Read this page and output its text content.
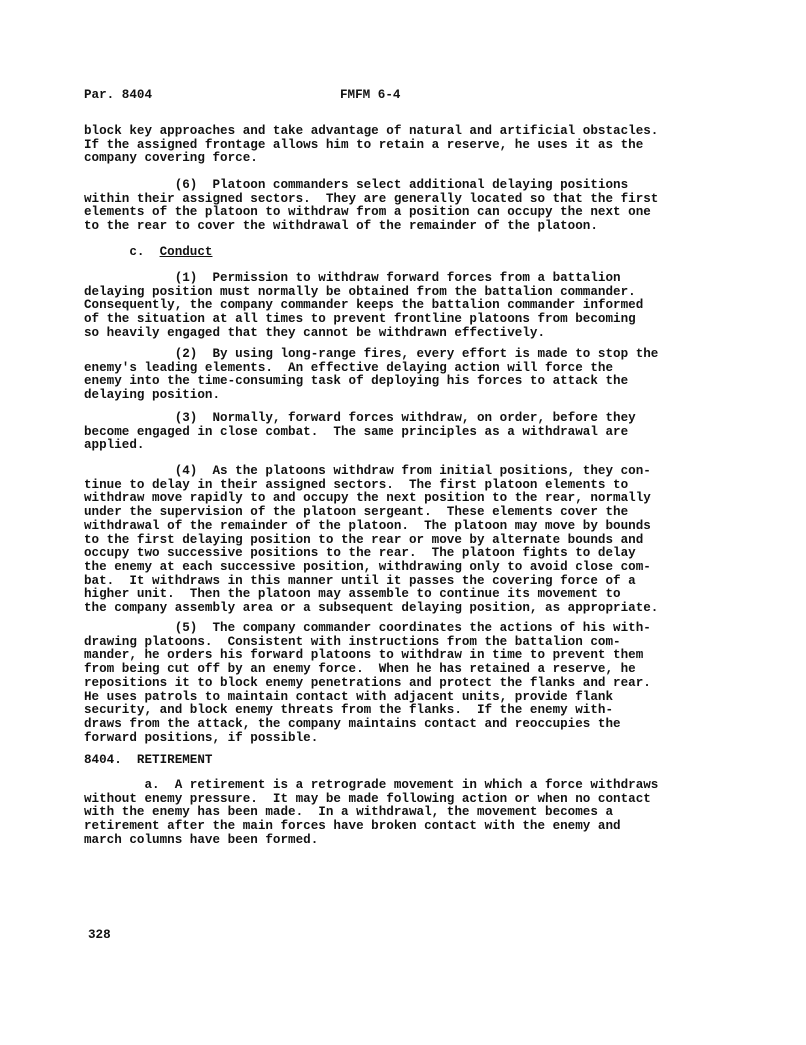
Par. 8404	FMFM 6-4
block key approaches and take advantage of natural and artificial obstacles.
If the assigned frontage allows him to retain a reserve, he uses it as the
company covering force.
(6)  Platoon commanders select additional delaying positions
within their assigned sectors.  They are generally located so that the first
elements of the platoon to withdraw from a position can occupy the next one
to the rear to cover the withdrawal of the remainder of the platoon.
c.  Conduct
(1)  Permission to withdraw forward forces from a battalion
delaying position must normally be obtained from the battalion commander.
Consequently, the company commander keeps the battalion commander informed
of the situation at all times to prevent frontline platoons from becoming
so heavily engaged that they cannot be withdrawn effectively.
(2)  By using long-range fires, every effort is made to stop the
enemy's leading elements.  An effective delaying action will force the
enemy into the time-consuming task of deploying his forces to attack the
delaying position.
(3)  Normally, forward forces withdraw, on order, before they
become engaged in close combat.  The same principles as a withdrawal are
applied.
(4)  As the platoons withdraw from initial positions, they con-
tinue to delay in their assigned sectors.  The first platoon elements to
withdraw move rapidly to and occupy the next position to the rear, normally
under the supervision of the platoon sergeant.  These elements cover the
withdrawal of the remainder of the platoon.  The platoon may move by bounds
to the first delaying position to the rear or move by alternate bounds and
occupy two successive positions to the rear.  The platoon fights to delay
the enemy at each successive position, withdrawing only to avoid close com-
bat.  It withdraws in this manner until it passes the covering force of a
higher unit.  Then the platoon may assemble to continue its movement to
the company assembly area or a subsequent delaying position, as appropriate.
(5)  The company commander coordinates the actions of his with-
drawing platoons.  Consistent with instructions from the battalion com-
mander, he orders his forward platoons to withdraw in time to prevent them
from being cut off by an enemy force.  When he has retained a reserve, he
repositions it to block enemy penetrations and protect the flanks and rear.
He uses patrols to maintain contact with adjacent units, provide flank
security, and block enemy threats from the flanks.  If the enemy with-
draws from the attack, the company maintains contact and reoccupies the
forward positions, if possible.
8404.  RETIREMENT
a.  A retirement is a retrograde movement in which a force withdraws
without enemy pressure.  It may be made following action or when no contact
with the enemy has been made.  In a withdrawal, the movement becomes a
retirement after the main forces have broken contact with the enemy and
march columns have been formed.
328
